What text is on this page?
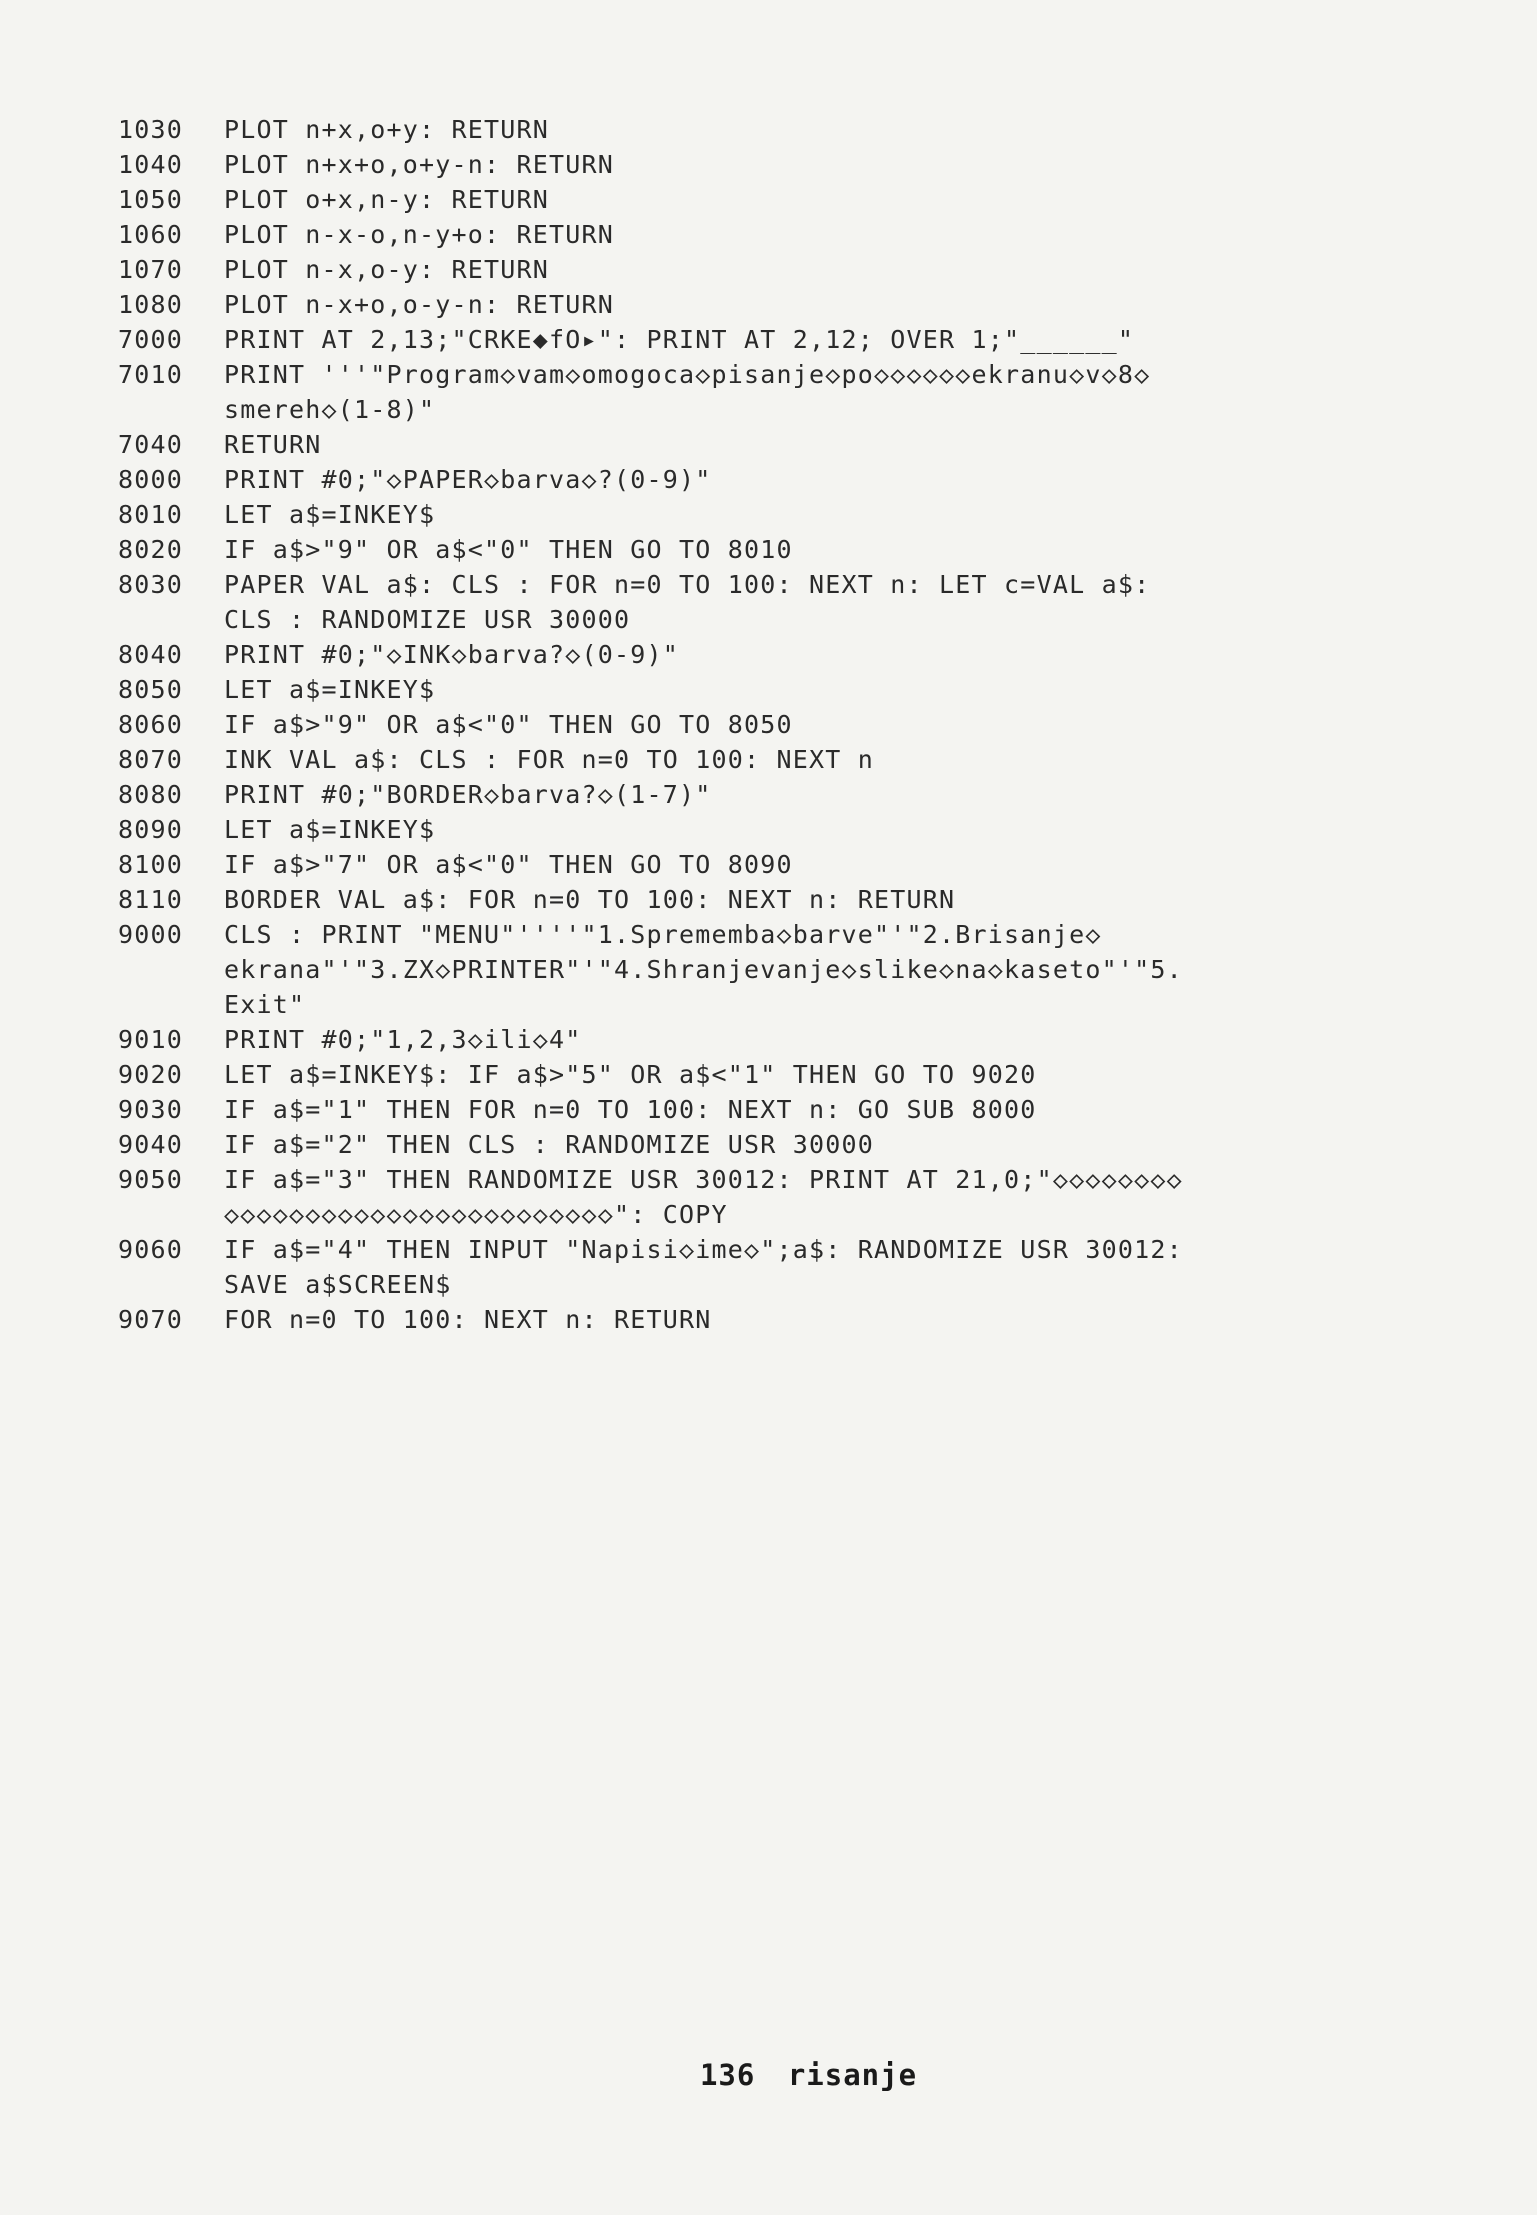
1030	PLOT n+x,o+y: RETURN
1040	PLOT n+x+o,o+y-n: RETURN
1050	PLOT o+x,n-y: RETURN
1060	PLOT n-x-o,n-y+o: RETURN
1070	PLOT n-x,o-y: RETURN
1080	PLOT n-x+o,o-y-n: RETURN
7000	PRINT AT 2,13;"CRKE◆fO▸": PRINT AT 2,12; OVER 1;"______"
7010	PRINT '''"Program◇vam◇omogoca◇pisanje◇po◇◇◇◇◇◇ekranu◇v◇8◇
smereh◇(1-8)"
7040	RETURN
8000	PRINT #0;"◇PAPER◇barva◇?(0-9)"
8010	LET a$=INKEY$
8020	IF a$>"9" OR a$<"0" THEN GO TO 8010
8030	PAPER VAL a$: CLS : FOR n=0 TO 100: NEXT n: LET c=VAL a$:
CLS : RANDOMIZE USR 30000
8040	PRINT #0;"◇INK◇barva?◇(0-9)"
8050	LET a$=INKEY$
8060	IF a$>"9" OR a$<"0" THEN GO TO 8050
8070	INK VAL a$: CLS : FOR n=0 TO 100: NEXT n
8080	PRINT #0;"BORDER◇barva?◇(1-7)"
8090	LET a$=INKEY$
8100	IF a$>"7" OR a$<"0" THEN GO TO 8090
8110	BORDER VAL a$: FOR n=0 TO 100: NEXT n: RETURN
9000	CLS : PRINT "MENU"''''"1.Sprememba◇barve"'"2.Brisanje◇
ekrana"'"3.ZX◇PRINTER"'"4.Shranjevanje◇slike◇na◇kaseto"'"5.
Exit"
9010	PRINT #0;"1,2,3◇ili◇4"
9020	LET a$=INKEY$: IF a$>"5" OR a$<"1" THEN GO TO 9020
9030	IF a$="1" THEN FOR n=0 TO 100: NEXT n: GO SUB 8000
9040	IF a$="2" THEN CLS : RANDOMIZE USR 30000
9050	IF a$="3" THEN RANDOMIZE USR 30012: PRINT AT 21,0;"◇◇◇◇◇◇◇◇
◇◇◇◇◇◇◇◇◇◇◇◇◇◇◇◇◇◇◇◇◇◇◇◇": COPY
9060	IF a$="4" THEN INPUT "Napisi◇ime◇";a$: RANDOMIZE USR 30012:
SAVE a$SCREEN$
9070	FOR n=0 TO 100: NEXT n: RETURN
136 risanje
